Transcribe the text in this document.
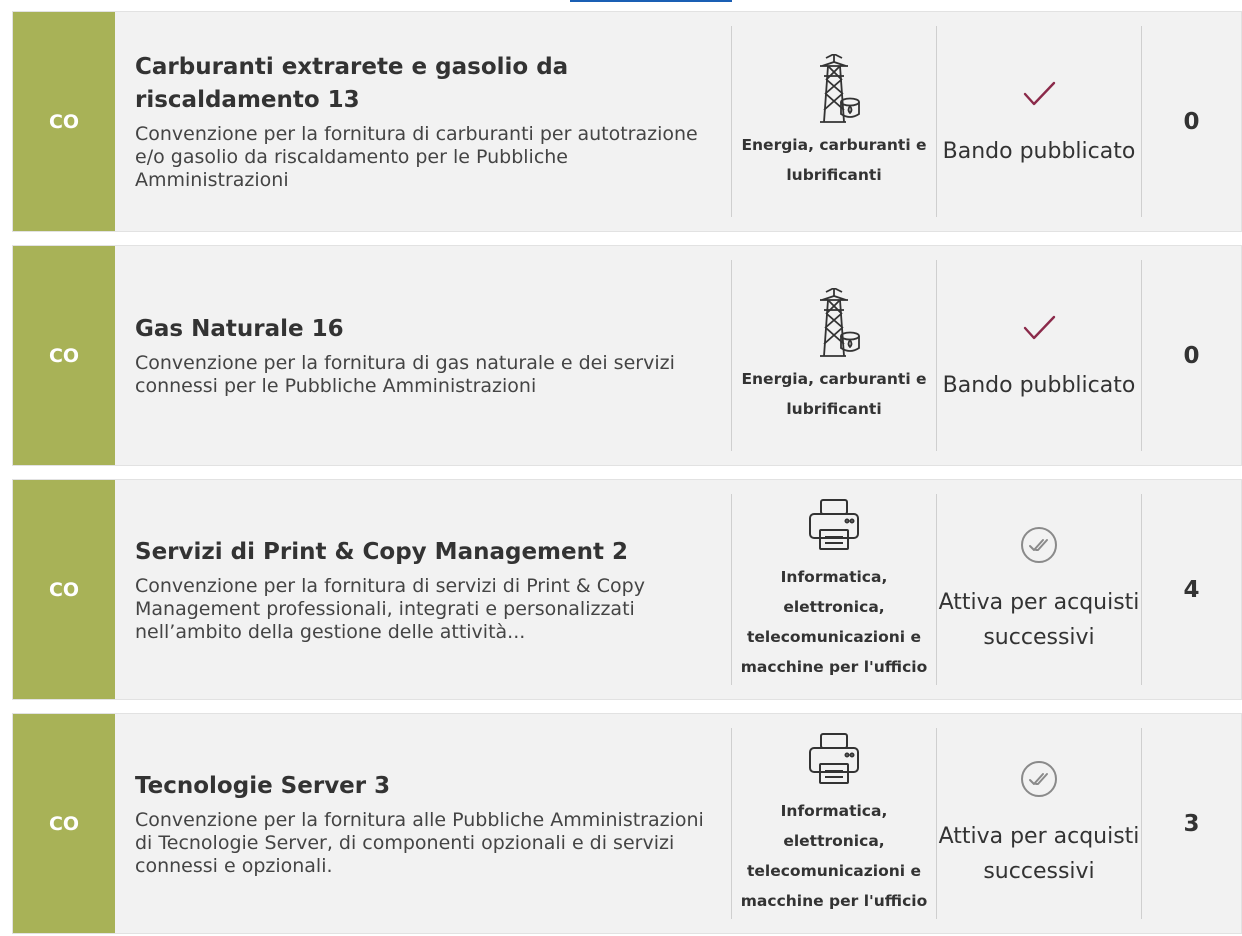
CO
Carburanti extrarete e gasolio da riscaldamento 13
Convenzione per la fornitura di carburanti per autotrazione e/o gasolio da riscaldamento per le Pubbliche Amministrazioni
Energia, carburanti e lubrificanti
Bando pubblicato
0
CO
Gas Naturale 16
Convenzione per la fornitura di gas naturale e dei servizi connessi per le Pubbliche Amministrazioni	Energia, carburanti e lubrificanti
Bando pubblicato
0
CO
Servizi di Print & Copy Management 2
Convenzione per la fornitura di servizi di Print & Copy Management professionali, integrati e personalizzati nell’ambito della gestione delle attività...
Informatica, elettronica, telecomunicazioni e macchine per l'ufficio
Attiva per acquisti successivi
4
CO
Tecnologie Server 3
Convenzione per la fornitura alle Pubbliche Amministrazioni di Tecnologie Server, di componenti opzionali e di servizi connessi e opzionali.
Informatica, elettronica, telecomunicazioni e macchine per l'ufficio
Attiva per acquisti successivi
3
